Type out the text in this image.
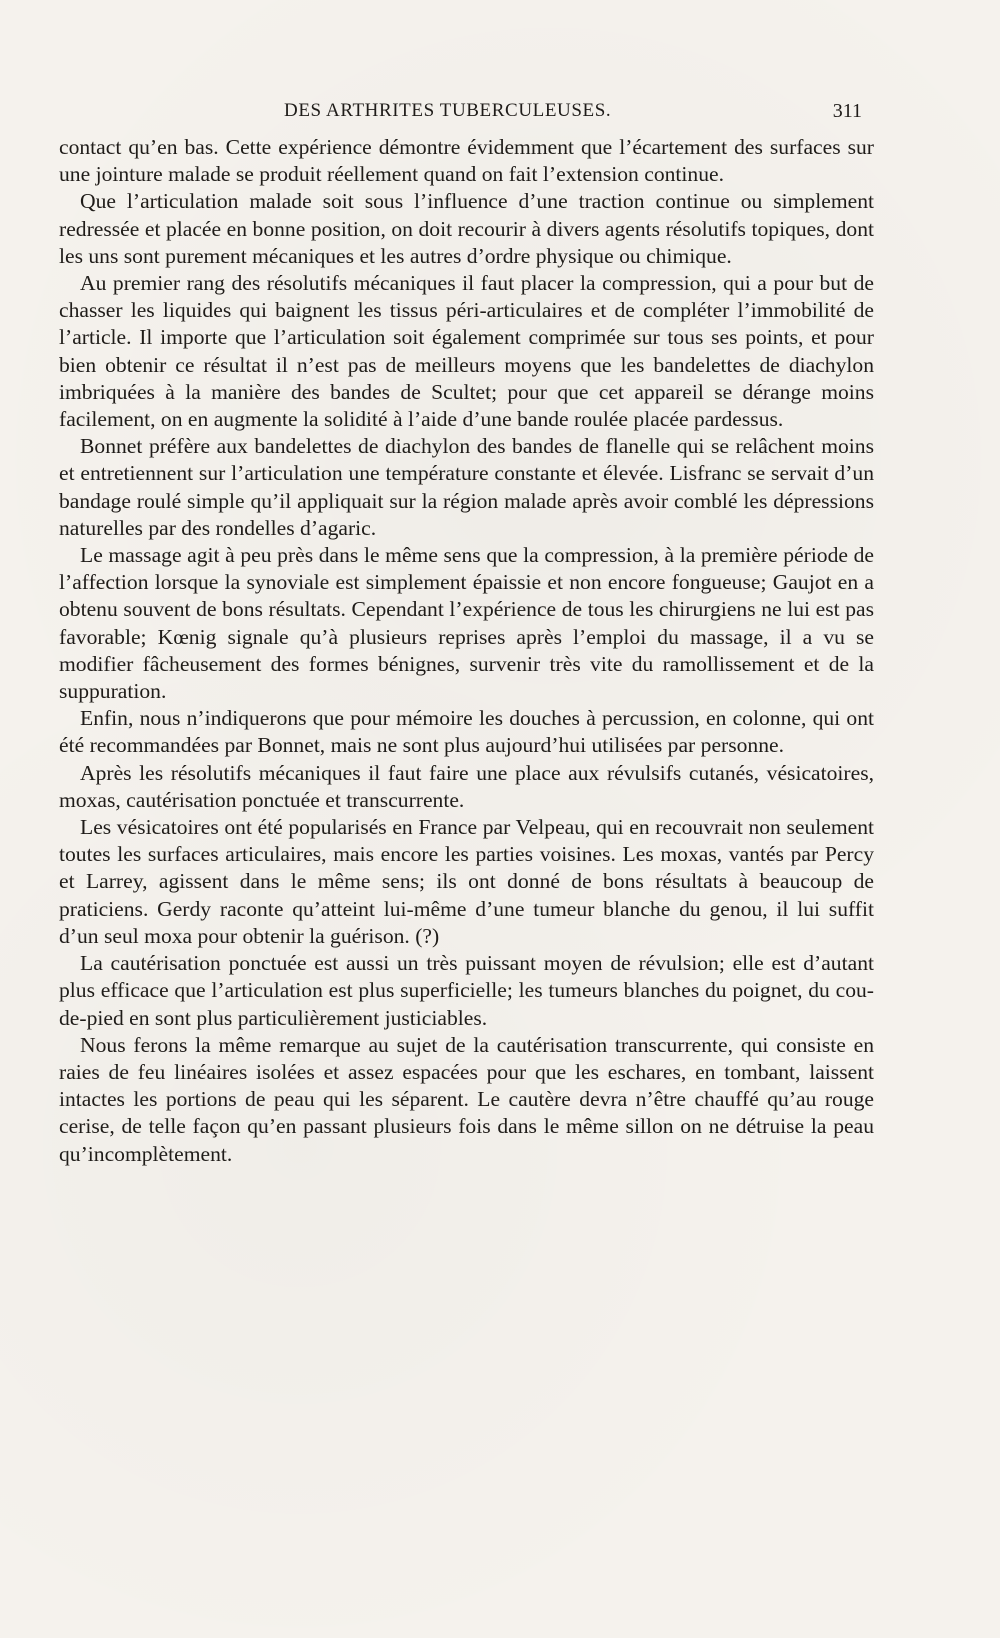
DES ARTHRITES TUBERCULEUSES.	311

contact qu’en bas. Cette expérience démontre évidemment que l’écartement des surfaces sur une jointure malade se produit réellement quand on fait l’extension continue.

Que l’articulation malade soit sous l’influence d’une traction continue ou simplement redressée et placée en bonne position, on doit recourir à divers agents résolutifs topiques, dont les uns sont purement mécaniques et les autres d’ordre physique ou chimique.

Au premier rang des résolutifs mécaniques il faut placer la compression, qui a pour but de chasser les liquides qui baignent les tissus péri-articulaires et de compléter l’immobilité de l’article. Il importe que l’articulation soit également comprimée sur tous ses points, et pour bien obtenir ce résultat il n’est pas de meilleurs moyens que les bandelettes de diachylon imbriquées à la manière des bandes de Scultet; pour que cet appareil se dérange moins facilement, on en augmente la solidité à l’aide d’une bande roulée placée pardessus.

Bonnet préfère aux bandelettes de diachylon des bandes de flanelle qui se relâchent moins et entretiennent sur l’articulation une température constante et élevée. Lisfranc se servait d’un bandage roulé simple qu’il appliquait sur la région malade après avoir comblé les dépressions naturelles par des rondelles d’agaric.

Le massage agit à peu près dans le même sens que la compression, à la première période de l’affection lorsque la synoviale est simplement épaissie et non encore fongueuse; Gaujot en a obtenu souvent de bons résultats. Cependant l’expérience de tous les chirurgiens ne lui est pas favorable; Kœnig signale qu’à plusieurs reprises après l’emploi du massage, il a vu se modifier fâcheusement des formes bénignes, survenir très vite du ramollissement et de la suppuration.

Enfin, nous n’indiquerons que pour mémoire les douches à percussion, en colonne, qui ont été recommandées par Bonnet, mais ne sont plus aujourd’hui utilisées par personne.

Après les résolutifs mécaniques il faut faire une place aux révulsifs cutanés, vésicatoires, moxas, cautérisation ponctuée et transcurrente.

Les vésicatoires ont été popularisés en France par Velpeau, qui en recouvrait non seulement toutes les surfaces articulaires, mais encore les parties voisines. Les moxas, vantés par Percy et Larrey, agissent dans le même sens; ils ont donné de bons résultats à beaucoup de praticiens. Gerdy raconte qu’atteint lui-même d’une tumeur blanche du genou, il lui suffit d’un seul moxa pour obtenir la guérison. (?)

La cautérisation ponctuée est aussi un très puissant moyen de révulsion; elle est d’autant plus efficace que l’articulation est plus superficielle; les tumeurs blanches du poignet, du cou-de-pied en sont plus particulièrement justiciables.

Nous ferons la même remarque au sujet de la cautérisation transcurrente, qui consiste en raies de feu linéaires isolées et assez espacées pour que les eschares, en tombant, laissent intactes les portions de peau qui les séparent. Le cautère devra n’être chauffé qu’au rouge cerise, de telle façon qu’en passant plusieurs fois dans le même sillon on ne détruise la peau qu’incomplètement.
